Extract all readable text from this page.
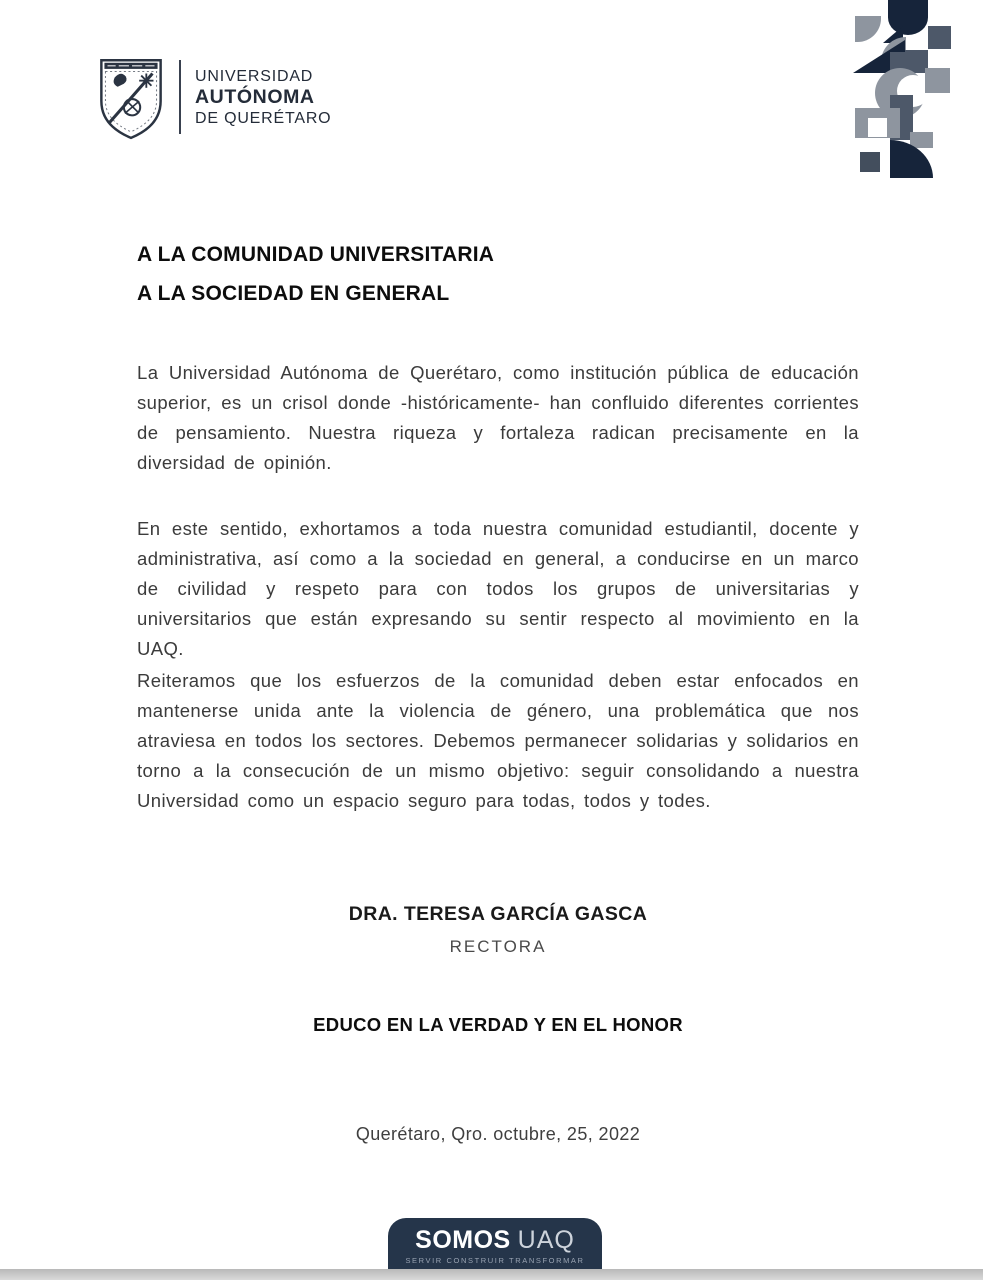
UNIVERSIDAD
AUTÓNOMA
DE QUERÉTARO
A LA COMUNIDAD UNIVERSITARIA
A LA SOCIEDAD EN GENERAL

La Universidad Autónoma de Querétaro, como institución pública de educación superior, es un crisol donde -históricamente- han confluido diferentes corrientes de pensamiento. Nuestra riqueza y fortaleza radican precisamente en la diversidad de opinión.

En este sentido, exhortamos a toda nuestra comunidad estudiantil, docente y administrativa, así como a la sociedad en general, a conducirse en un marco de civilidad y respeto para con todos los grupos de universitarias y universitarios que están expresando su sentir respecto al movimiento en la UAQ.

Reiteramos que los esfuerzos de la comunidad deben estar enfocados en mantenerse unida ante la violencia de género, una problemática que nos atraviesa en todos los sectores. Debemos permanecer solidarias y solidarios en torno a la consecución de un mismo objetivo: seguir consolidando a nuestra Universidad como un espacio seguro para todas, todos y todes.

DRA. TERESA GARCÍA GASCA
RECTORA
EDUCO EN LA VERDAD Y EN EL HONOR
Querétaro, Qro. octubre, 25, 2022
SOMOS UAQ
SERVIR CONSTRUIR TRANSFORMAR
